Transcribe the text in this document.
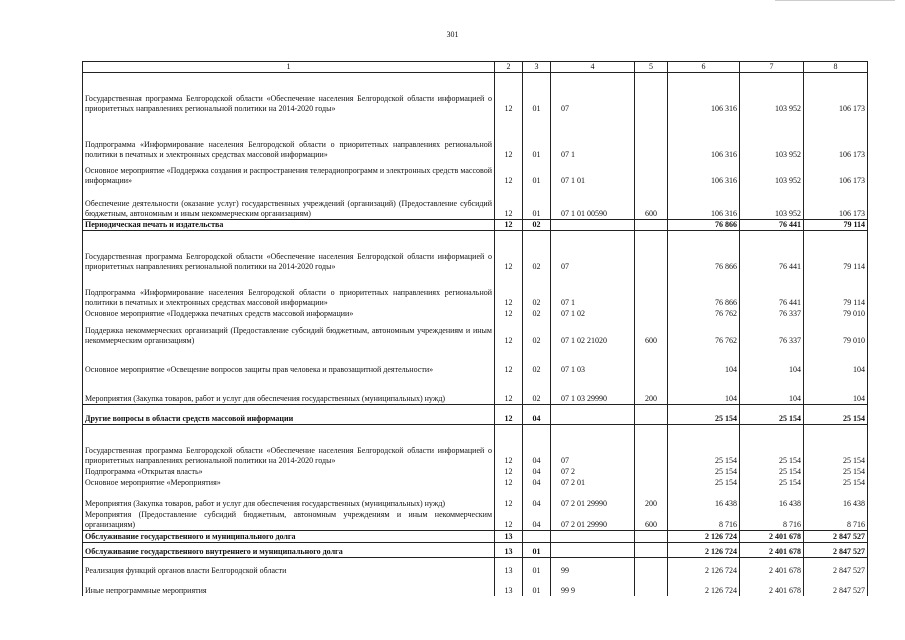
301
1	2	3	4	5	6	7	8
Государственная программа Белгородской области «Обеспечение населения Белгородской области информацией о приоритетных направлениях региональной политики на 2014-2020 годы»	12	01	07		106 316	103 952	106 173
Подпрограмма «Информирование населения Белгородской области о приоритетных направлениях региональной политики в печатных и электронных средствах массовой информации»	12	01	07 1		106 316	103 952	106 173
Основное мероприятие «Поддержка создания и распространения телерадиопрограмм и электронных средств массовой информации»	12	01	07 1 01		106 316	103 952	106 173
Обеспечение деятельности (оказание услуг) государственных учреждений (организаций) (Предоставление субсидий бюджетным, автономным и иным некоммерческим организациям)	12	01	07 1 01 00590	600	106 316	103 952	106 173
Периодическая печать и издательства	12	02			76 866	76 441	79 114
Государственная программа Белгородской области «Обеспечение населения Белгородской области информацией о приоритетных направлениях региональной политики на 2014-2020 годы»	12	02	07		76 866	76 441	79 114
Подпрограмма «Информирование населения Белгородской области о приоритетных направлениях региональной политики в печатных и электронных средствах массовой информации»	12	02	07 1		76 866	76 441	79 114
Основное мероприятие «Поддержка печатных средств массовой информации»	12	02	07 1 02		76 762	76 337	79 010
Поддержка некоммерческих организаций (Предоставление субсидий бюджетным, автономным учреждениям и иным некоммерческим организациям)	12	02	07 1 02 21020	600	76 762	76 337	79 010
Основное мероприятие «Освещение вопросов защиты прав человека и правозащитной деятельности»	12	02	07 1 03		104	104	104
Мероприятия (Закупка товаров, работ и услуг для обеспечения государственных (муниципальных) нужд)	12	02	07 1 03 29990	200	104	104	104
Другие вопросы в области средств массовой информации	12	04			25 154	25 154	25 154
Государственная программа Белгородской области «Обеспечение населения Белгородской области информацией о приоритетных направлениях региональной политики на 2014-2020 годы»	12	04	07		25 154	25 154	25 154
Подпрограмма «Открытая власть»	12	04	07 2		25 154	25 154	25 154
Основное мероприятие «Мероприятия»	12	04	07 2 01		25 154	25 154	25 154
Мероприятия (Закупка товаров, работ и услуг для обеспечения государственных (муниципальных) нужд)	12	04	07 2 01 29990	200	16 438	16 438	16 438
Мероприятия (Предоставление субсидий бюджетным, автономным учреждениям и иным некоммерческим организациям)	12	04	07 2 01 29990	600	8 716	8 716	8 716
Обслуживание государственного и муниципального долга	13				2 126 724	2 401 678	2 847 527
Обслуживание государственного внутреннего и муниципального долга	13	01			2 126 724	2 401 678	2 847 527
Реализация функций органов власти Белгородской области	13	01	99		2 126 724	2 401 678	2 847 527
Иные непрограммные мероприятия	13	01	99 9		2 126 724	2 401 678	2 847 527
